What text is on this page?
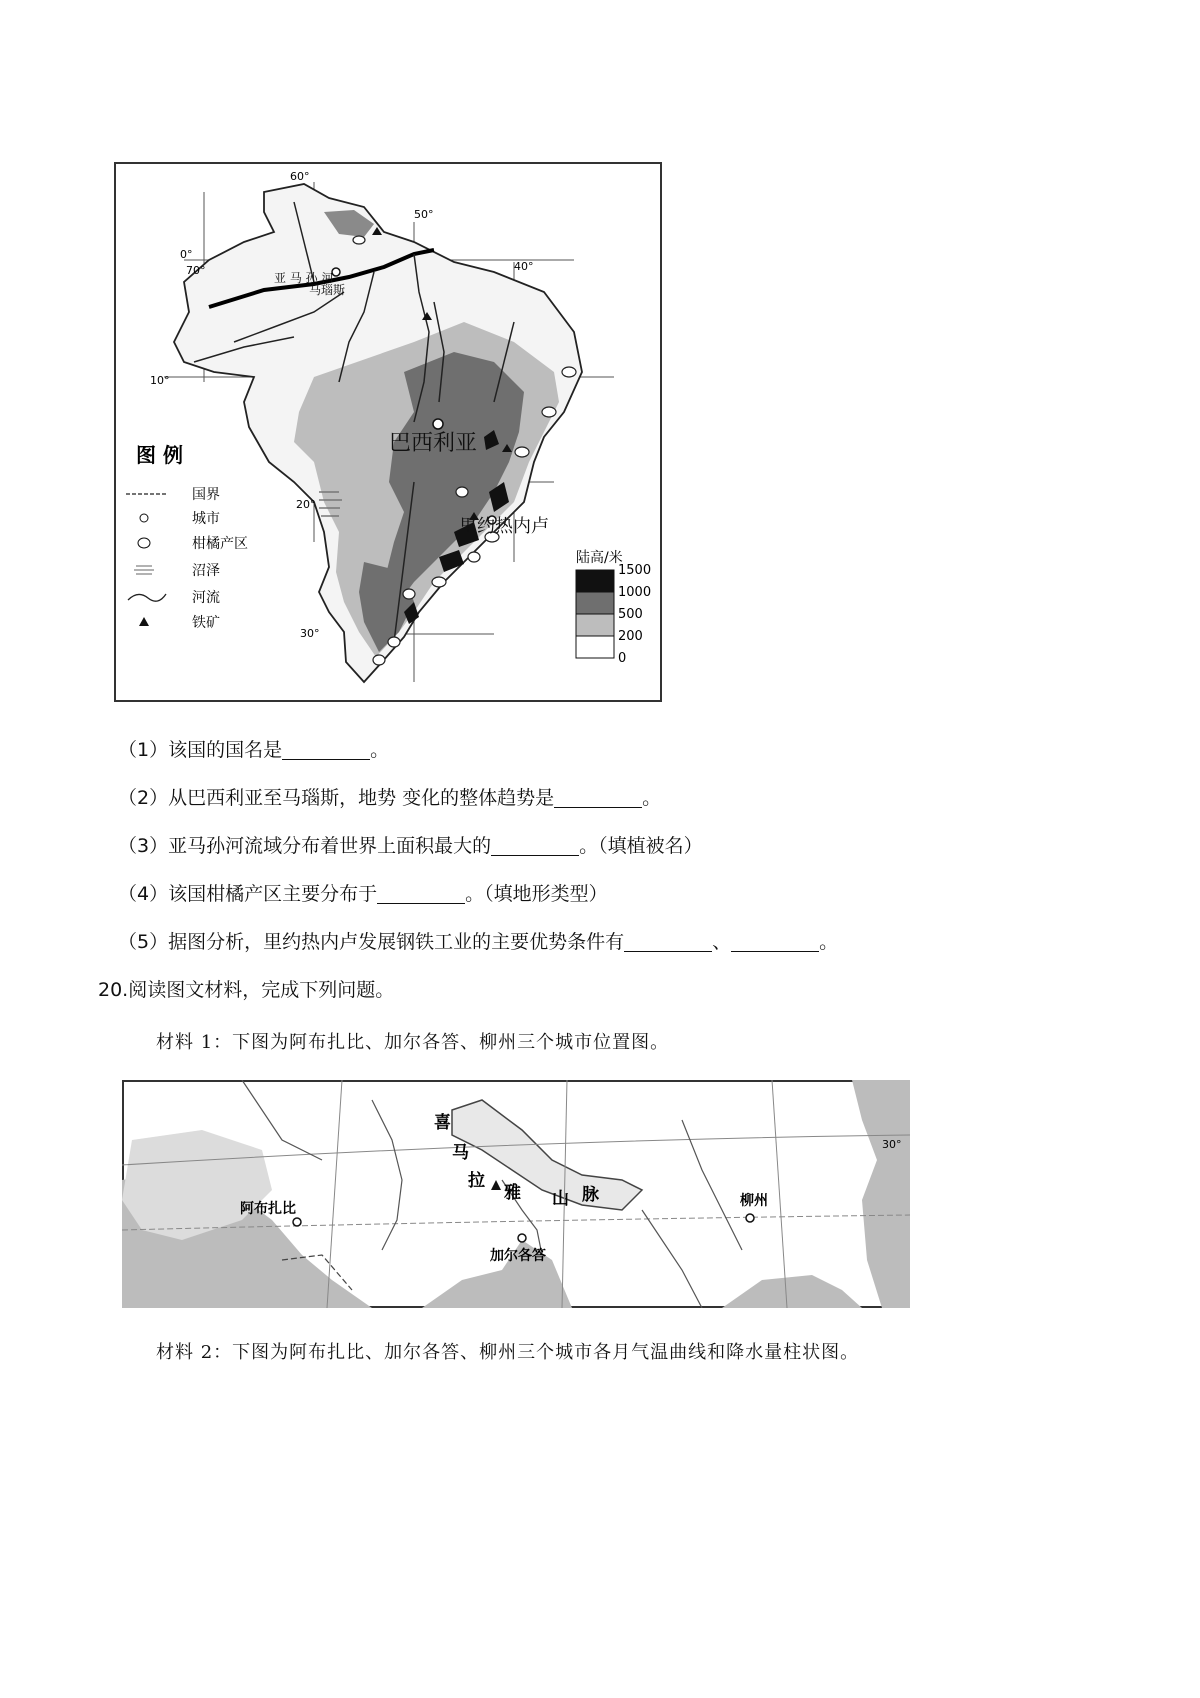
巴西利亚
里约热内卢
马瑙斯
亚 马 孙 河
60°
50°
40°
70°
0°
10°
20°
30°
图 例
国界
城市
柑橘产区
沼泽
河流
铁矿
陆高/米
1500
1000
500
200
0
（1）该国的国名是	。
（2）从巴西利亚至马瑙斯，地势 变化的整体趋势是	。
（3）亚马孙河流域分布着世界上面积最大的	。（填植被名）
（4）该国柑橘产区主要分布于	。（填地形类型）
（5）据图分析，里约热内卢发展钢铁工业的主要优势条件有	、	。
20.阅读图文材料，完成下列问题。
材料 1：下图为阿布扎比、加尔各答、柳州三个城市位置图。
喜
马
拉
雅 山 脉
阿布扎比
加尔各答
柳州
30°
材料 2：下图为阿布扎比、加尔各答、柳州三个城市各月气温曲线和降水量柱状图。
